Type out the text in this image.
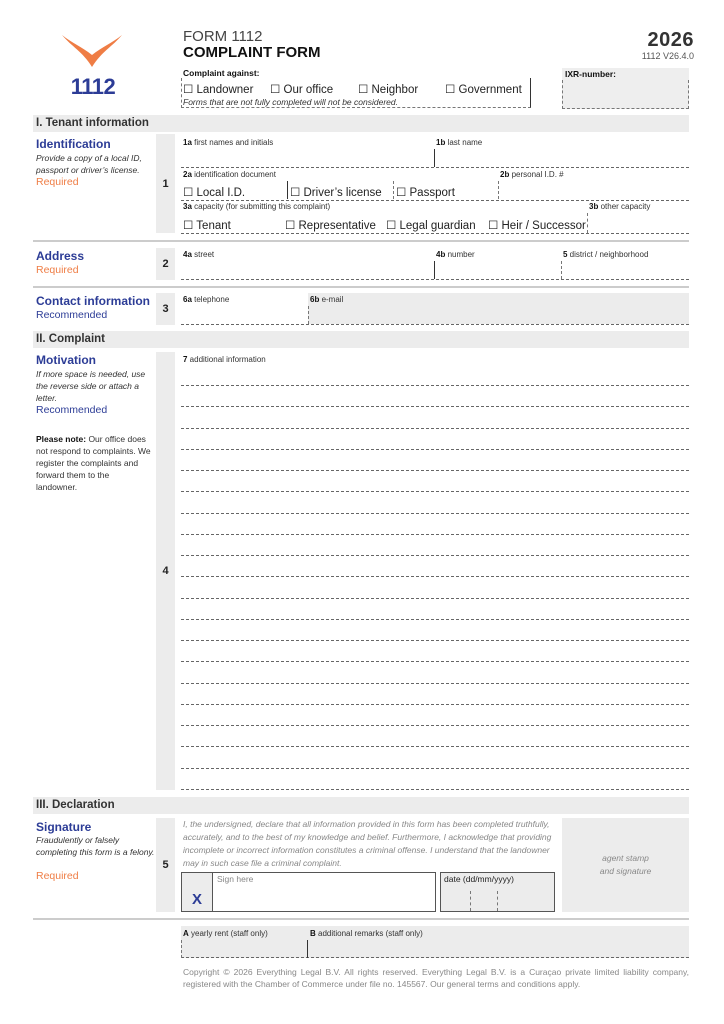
1112
FORM 1112
COMPLAINT FORM
2026
1112 V26.4.0
Complaint against:
☐ Landowner ☐ Our office ☐ Neighbor ☐ Government
Forms that are not fully completed will not be considered.
IXR-number:
I. Tenant information
Identification
Provide a copy of a local ID, passport or driver’s license.
Required	1
1a first names and initials	1b last name
2a identification document	2b personal I.D. #
☐ Local I.D.	☐ Driver’s license ☐ Passport
3a capacity (for submitting this complaint)	3b other capacity
☐ Tenant	☐ Representative ☐ Legal guardian ☐ Heir / Successor
Address
Required	2
4a street	4b number	5 district / neighborhood
Contact information
Recommended	3
6a telephone	6b e-mail
II. Complaint
Motivation
If more space is needed, use the reverse side or attach a letter.
Recommended
Please note: Our office does not respond to complaints. We register the complaints and forward them to the landowner.
4
7 additional information
III. Declaration
Signature
Fraudulently or falsely completing this form is a felony.
Required
5
I, the undersigned, declare that all information provided in this form has been completed truthfully, accurately, and to the best of my knowledge and belief. Furthermore, I acknowledge that providing incomplete or incorrect information constitutes a criminal offense. I understand that the landowner may in such case file a criminal complaint.
X
Sign here	date (dd/mm/yyyy)
agent stamp and signature
A yearly rent (staff only)	B additional remarks (staff only)
Copyright © 2026 Everything Legal B.V. All rights reserved. Everything Legal B.V. is a Curaçao private limited liability company, registered with the Chamber of Commerce under file no. 145567. Our general terms and conditions apply.
